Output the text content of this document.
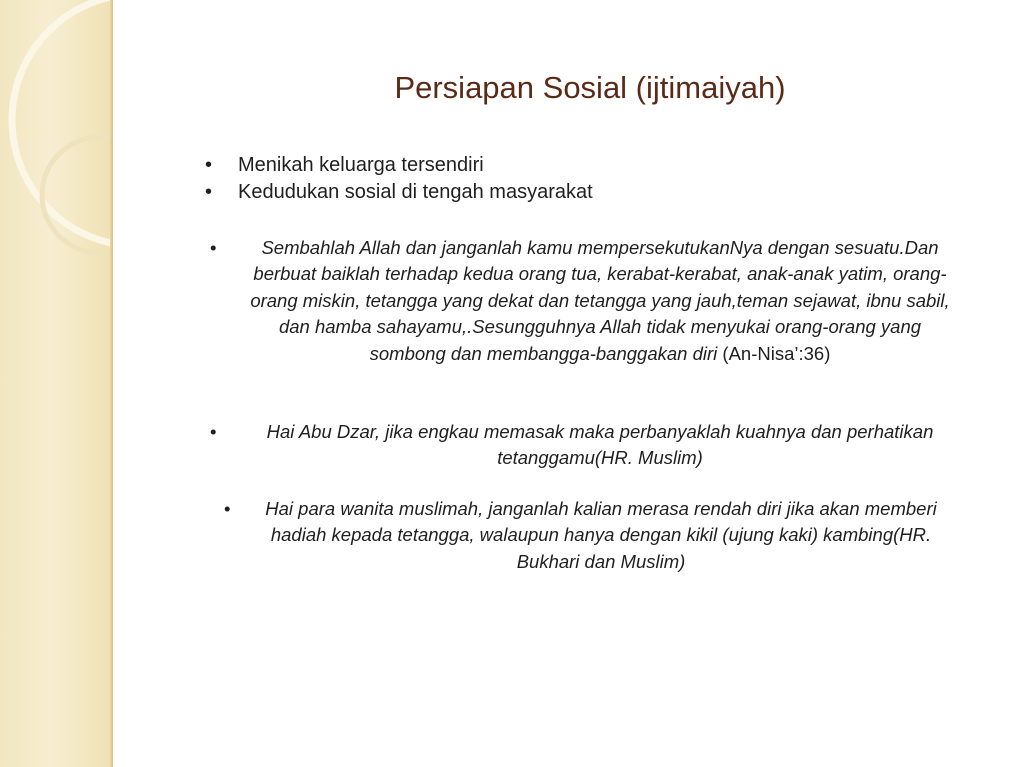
Persiapan Sosial (ijtimaiyah)
• Menikah keluarga tersendiri
• Kedudukan sosial di tengah masyarakat
• Sembahlah Allah dan janganlah kamu mempersekutukanNya dengan sesuatu.Dan berbuat baiklah terhadap kedua orang tua, kerabat-kerabat, anak-anak yatim, orang-orang miskin, tetangga yang dekat dan tetangga yang jauh,teman sejawat, ibnu sabil, dan hamba sahayamu,.Sesungguhnya Allah tidak menyukai orang-orang yang sombong dan membangga-banggakan diri (An-Nisa’:36)
•	Hai Abu Dzar, jika engkau memasak maka perbanyaklah kuahnya dan perhatikan tetanggamu(HR. Muslim)
• Hai para wanita muslimah, janganlah kalian merasa rendah diri jika akan memberi hadiah kepada tetangga, walaupun hanya dengan kikil (ujung kaki) kambing(HR. Bukhari dan Muslim)
